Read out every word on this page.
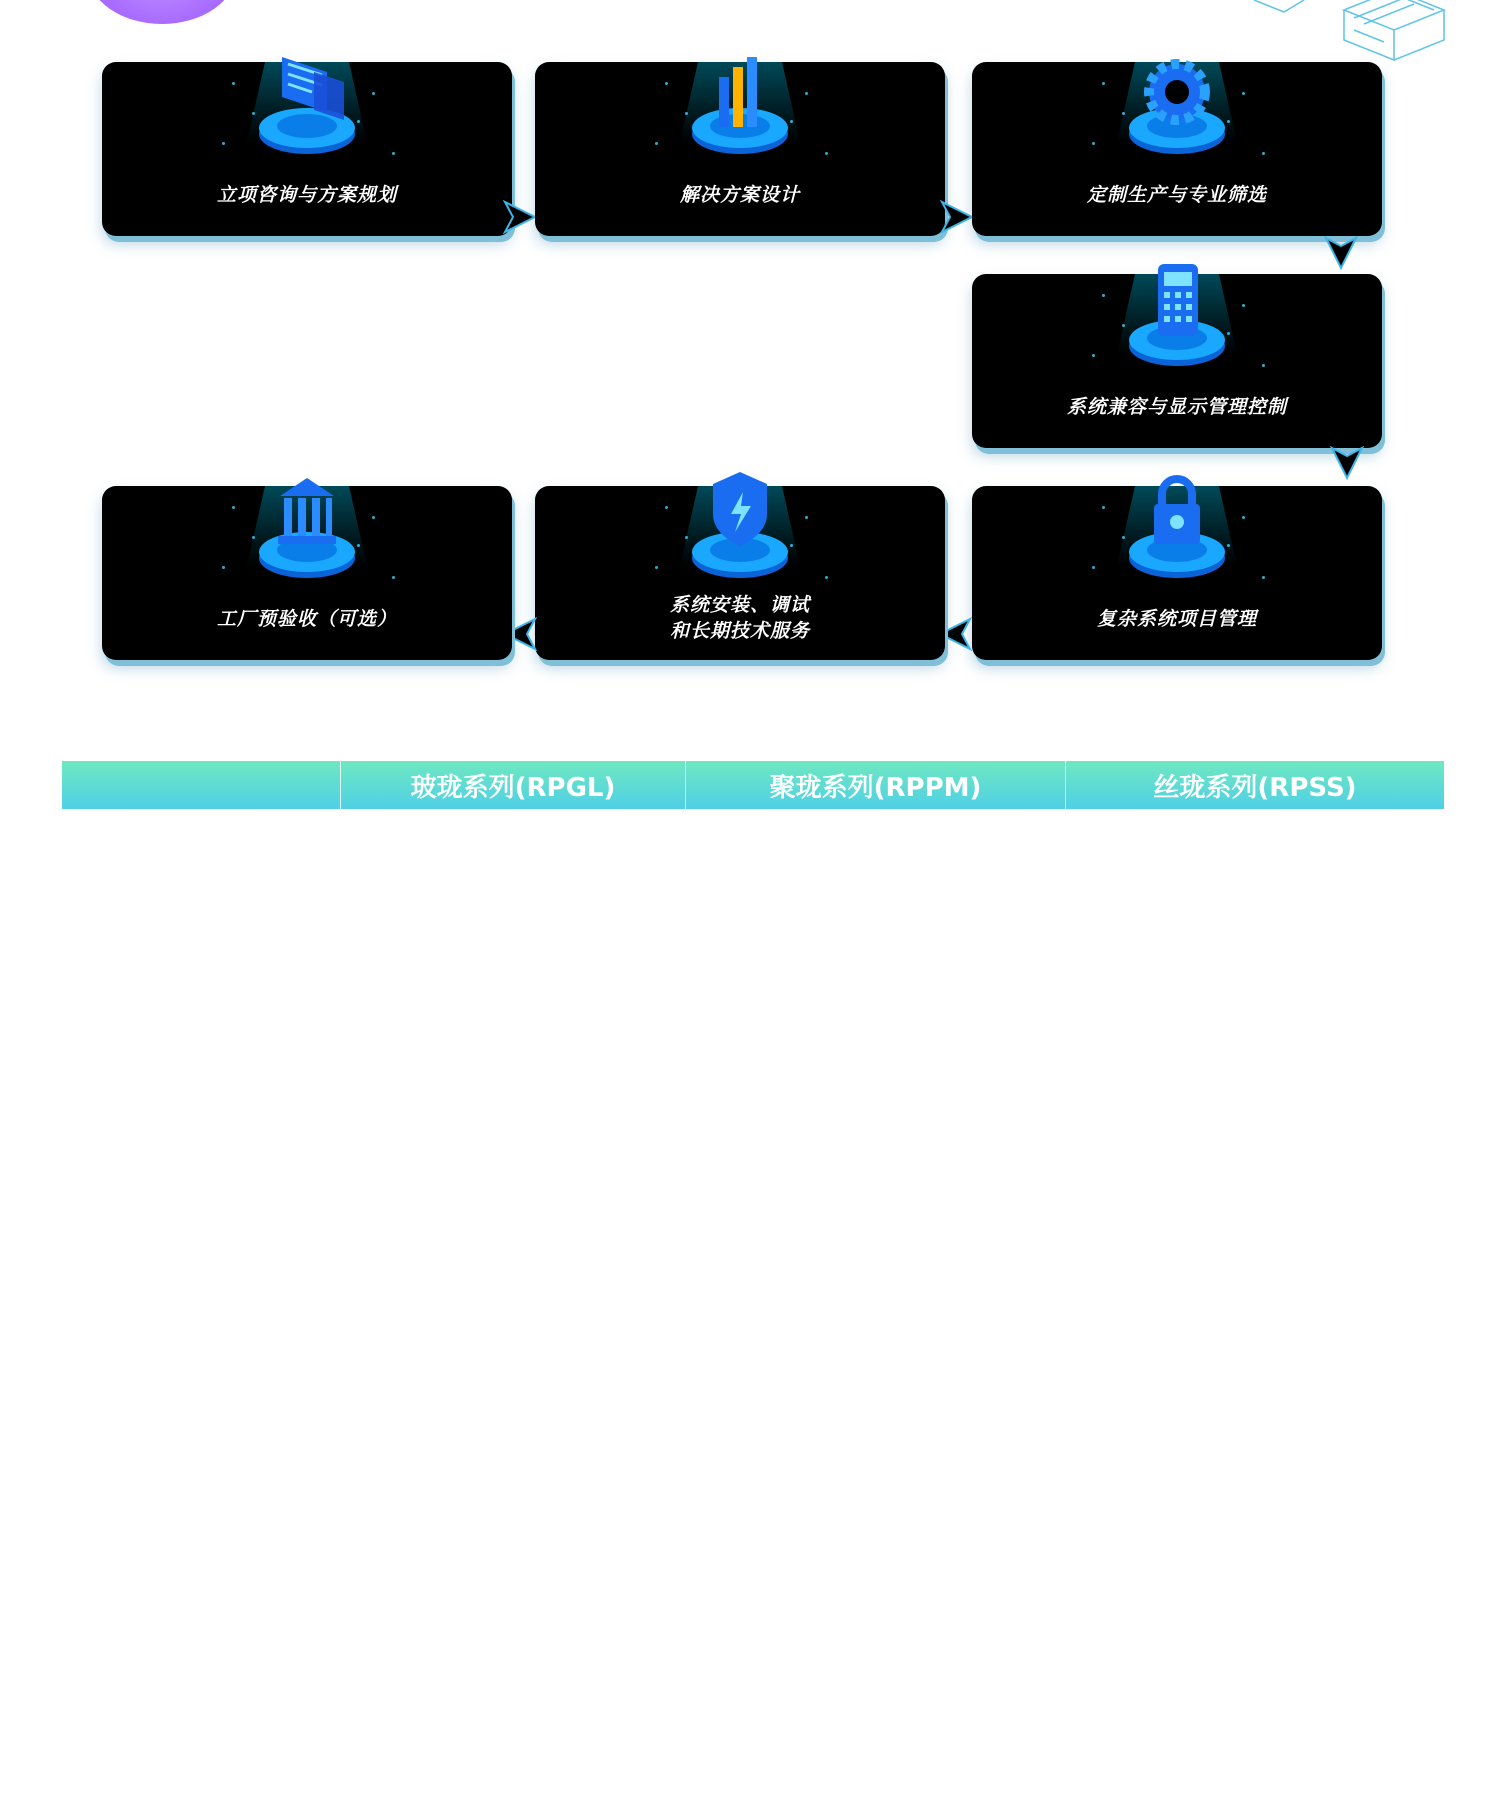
立项咨询与方案规划	解决方案设计	定制生产与专业筛选
系统兼容与显示管理控制
复杂系统项目管理
系统安装、调试
和长期技术服务
工厂预验收（可选）
玻珑系列(RPGL)	聚珑系列(RPPM)	丝珑系列(RPSS)
